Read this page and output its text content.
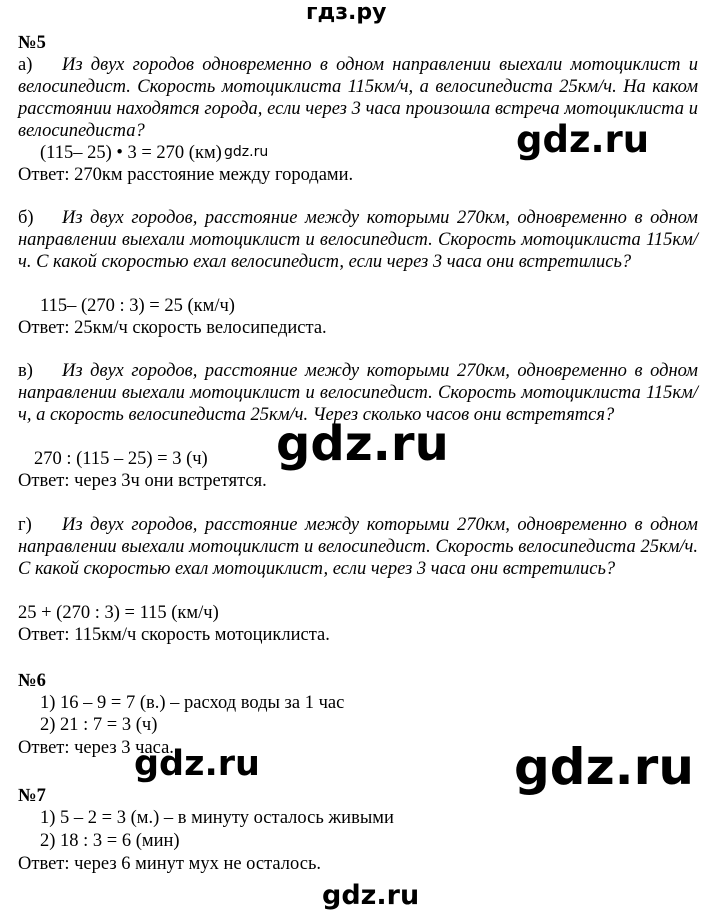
гдз.ру
№5
а) Из двух городов одновременно в одном направлении выехали мотоциклист и велосипедист. Скорость мотоциклиста 115км/ч, а велосипедиста 25км/ч. На каком расстоянии находятся города, если через 3 часа произошла встреча мотоциклиста и велосипедиста?
(115– 25) • 3 = 270 (км)
Ответ: 270км расстояние между городами.
б) Из двух городов, расстояние между которыми 270км, одновременно в одном направлении выехали мотоциклист и велосипедист. Скорость мотоциклиста 115км/ч. С какой скоростью ехал велосипедист, если через 3 часа они встретились?
115– (270 : 3) = 25 (км/ч)
Ответ: 25км/ч скорость велосипедиста.
в) Из двух городов, расстояние между которыми 270км, одновременно в одном направлении выехали мотоциклист и велосипедист. Скорость мотоциклиста 115км/ч, а скорость велосипедиста 25км/ч. Через сколько часов они встретятся?
270 : (115 – 25) = 3 (ч)
Ответ: через 3ч они встретятся.
г) Из двух городов, расстояние между которыми 270км, одновременно в одном направлении выехали мотоциклист и велосипедист. Скорость велосипедиста 25км/ч. С какой скоростью ехал мотоциклист, если через 3 часа они встретились?
25 + (270 : 3) = 115 (км/ч)
Ответ: 115км/ч скорость мотоциклиста.
№6
1) 16 – 9 = 7 (в.) – расход воды за 1 час
2) 21 : 7 = 3 (ч)
Ответ: через 3 часа.
№7
1) 5 – 2 = 3 (м.) – в минуту осталось живыми
2) 18 : 3 = 6 (мин)
Ответ: через 6 минут мух не осталось.
gdz.ru
gdz.ru
gdz.ru
gdz.ru	gdz.ru
gdz.ru
